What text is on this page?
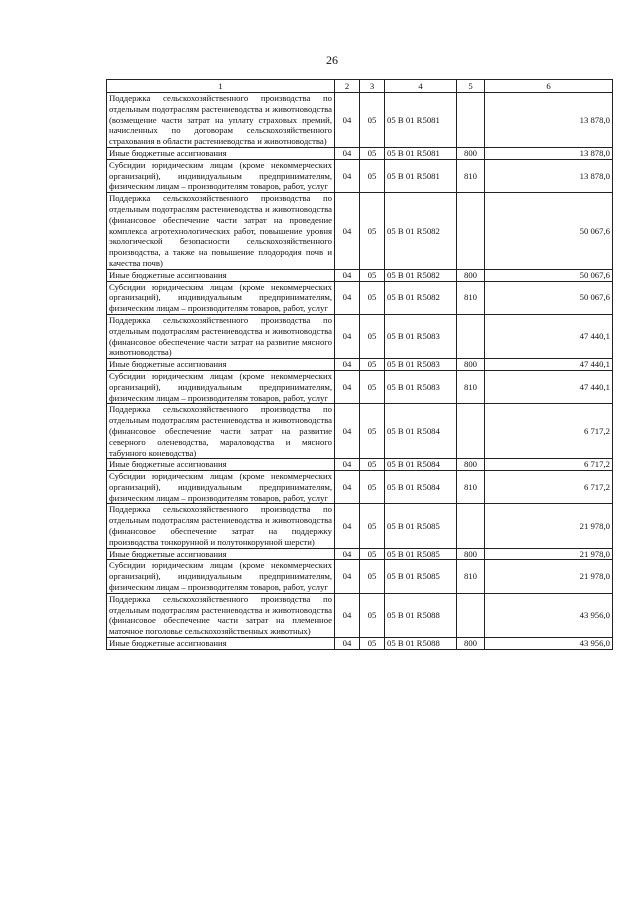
26
1	2	3	4	5	6
Поддержка сельскохозяйственного производства по отдельным подотраслям растениеводства и животноводства (возмещение части затрат на уплату страховых премий, начисленных по договорам сельскохозяйственного страхования в области растениеводства и животноводства)	04	05	05 B 01 R5081		13 878,0
Иные бюджетные ассигнования	04	05	05 B 01 R5081	800	13 878,0
Субсидии юридическим лицам (кроме некоммерческих организаций), индивидуальным предпринимателям, физическим лицам – производителям товаров, работ, услуг	04	05	05 B 01 R5081	810	13 878,0
Поддержка сельскохозяйственного производства по отдельным подотраслям растениеводства и животноводства (финансовое обеспечение части затрат на проведение комплекса агротехнологических работ, повышение уровня экологической безопасности сельскохозяйственного производства, а также на повышение плодородия почв и качества почв)	04	05	05 B 01 R5082		50 067,6
Иные бюджетные ассигнования	04	05	05 B 01 R5082	800	50 067,6
Субсидии юридическим лицам (кроме некоммерческих организаций), индивидуальным предпринимателям, физическим лицам – производителям товаров, работ, услуг	04	05	05 B 01 R5082	810	50 067,6
Поддержка сельскохозяйственного производства по отдельным подотраслям растениеводства и животноводства (финансовое обеспечение части затрат на развитие мясного животноводства)	04	05	05 B 01 R5083		47 440,1
Иные бюджетные ассигнования	04	05	05 B 01 R5083	800	47 440,1
Субсидии юридическим лицам (кроме некоммерческих организаций), индивидуальным предпринимателям, физическим лицам – производителям товаров, работ, услуг	04	05	05 B 01 R5083	810	47 440,1
Поддержка сельскохозяйственного производства по отдельным подотраслям растениеводства и животноводства (финансовое обеспечение части затрат на развитие северного оленеводства, мараловодства и мясного табунного коневодства)	04	05	05 B 01 R5084		6 717,2
Иные бюджетные ассигнования	04	05	05 B 01 R5084	800	6 717,2
Субсидии юридическим лицам (кроме некоммерческих организаций), индивидуальным предпринимателям, физическим лицам – производителям товаров, работ, услуг	04	05	05 B 01 R5084	810	6 717,2
Поддержка сельскохозяйственного производства по отдельным подотраслям растениеводства и животноводства (финансовое обеспечение затрат на поддержку производства тонкорунной и полутонкорунной шерсти)	04	05	05 B 01 R5085		21 978,0
Иные бюджетные ассигнования	04	05	05 B 01 R5085	800	21 978,0
Субсидии юридическим лицам (кроме некоммерческих организаций), индивидуальным предпринимателям, физическим лицам – производителям товаров, работ, услуг	04	05	05 B 01 R5085	810	21 978,0
Поддержка сельскохозяйственного производства по отдельным подотраслям растениеводства и животноводства (финансовое обеспечение части затрат на племенное маточное поголовье сельскохозяйственных животных)	04	05	05 B 01 R5088		43 956,0
Иные бюджетные ассигнования	04	05	05 B 01 R5088	800	43 956,0
